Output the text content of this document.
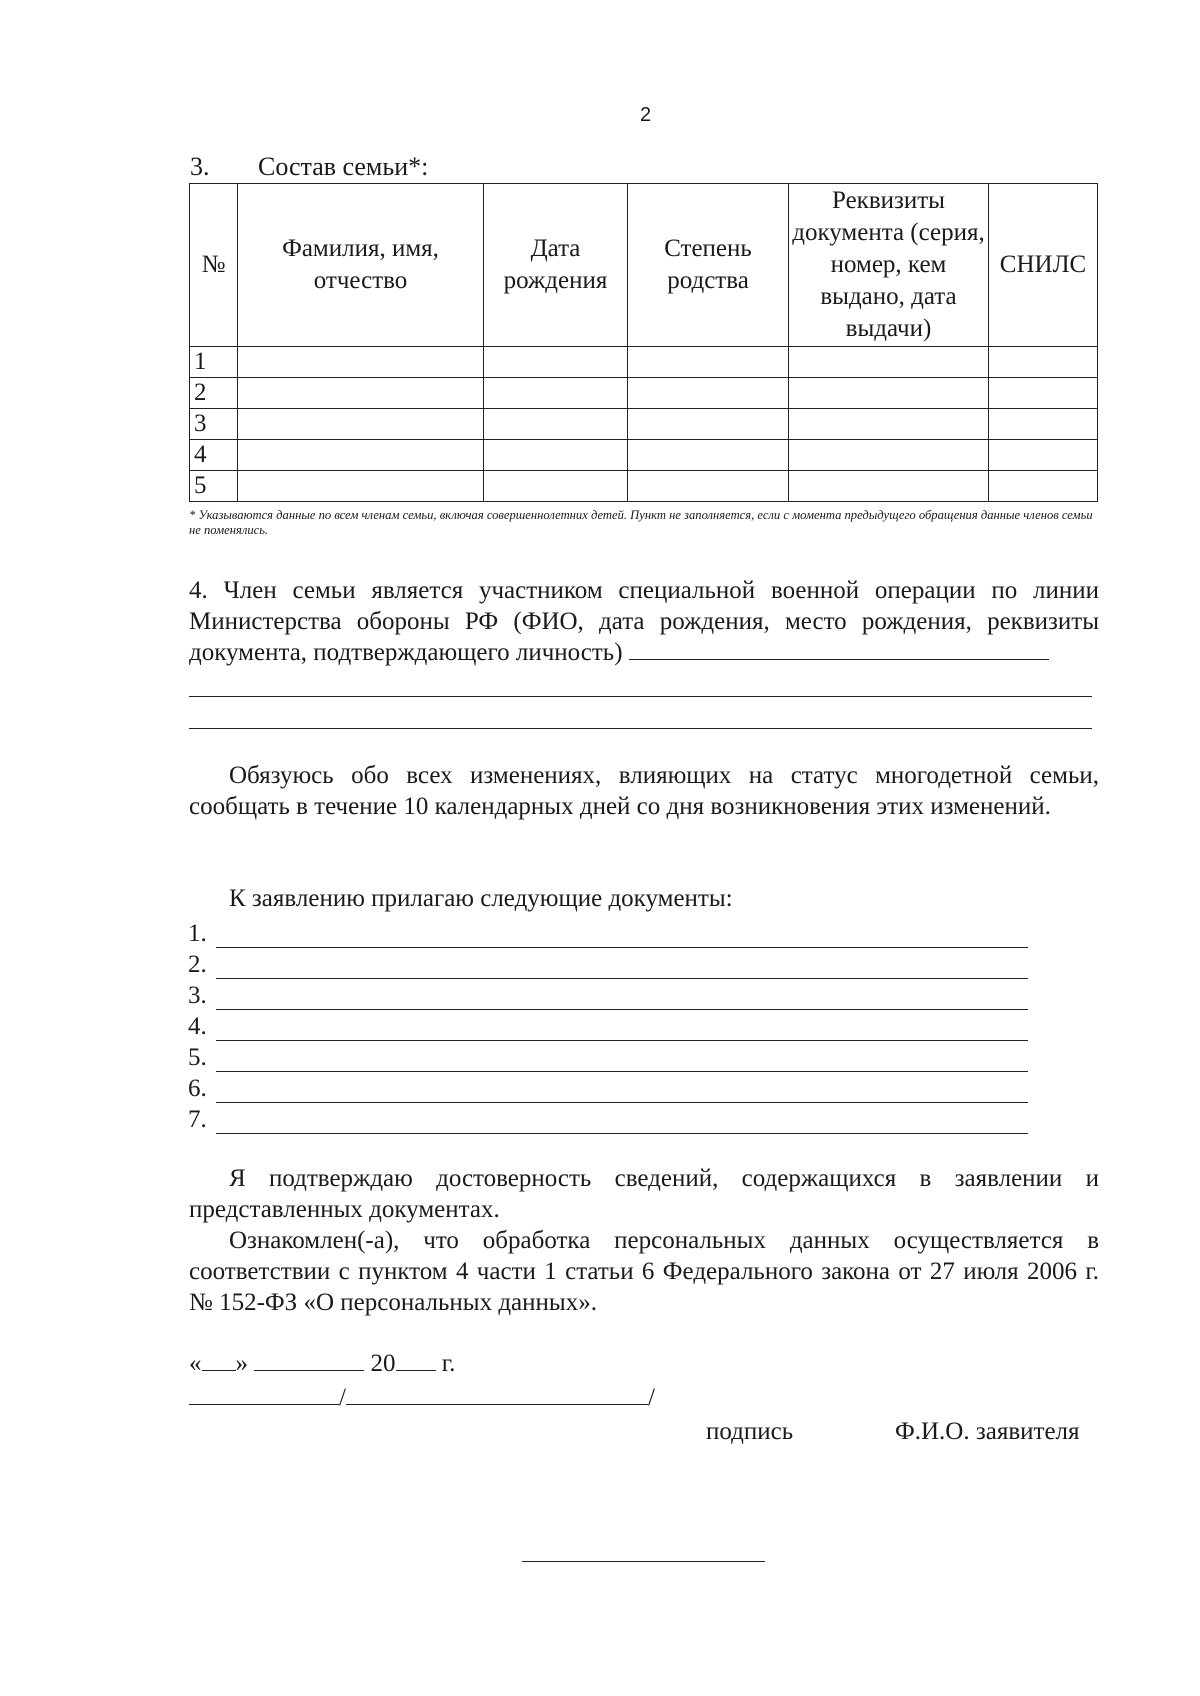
2
3. Состав семьи*:
№	Фамилия, имя, отчество	Дата рождения	Степень родства	Реквизиты документа (серия, номер, кем выдано, дата выдачи)	СНИЛС
1					
2					
3					
4					
5					
* Указываются данные по всем членам семьи, включая совершеннолетних детей. Пункт не заполняется, если с момента предыдущего обращения данные членов семьи не поменялись.
4. Член семьи является участником специальной военной операции по линии Министерства обороны РФ (ФИО, дата рождения, место рождения, реквизиты документа, подтверждающего личность)
Обязуюсь обо всех изменениях, влияющих на статус многодетной семьи, сообщать в течение 10 календарных дней со дня возникновения этих изменений.
К заявлению прилагаю следующие документы:
1.
2.
3.
4.
5.
6.
7.
Я подтверждаю достоверность сведений, содержащихся в заявлении и представленных документах.
Ознакомлен(-а), что обработка персональных данных осуществляется в соответствии с пунктом 4 части 1 статьи 6 Федерального закона от 27 июля 2006 г. № 152-ФЗ «О персональных данных».
« »	20 г.
/	/
подпись	Ф.И.О. заявителя
